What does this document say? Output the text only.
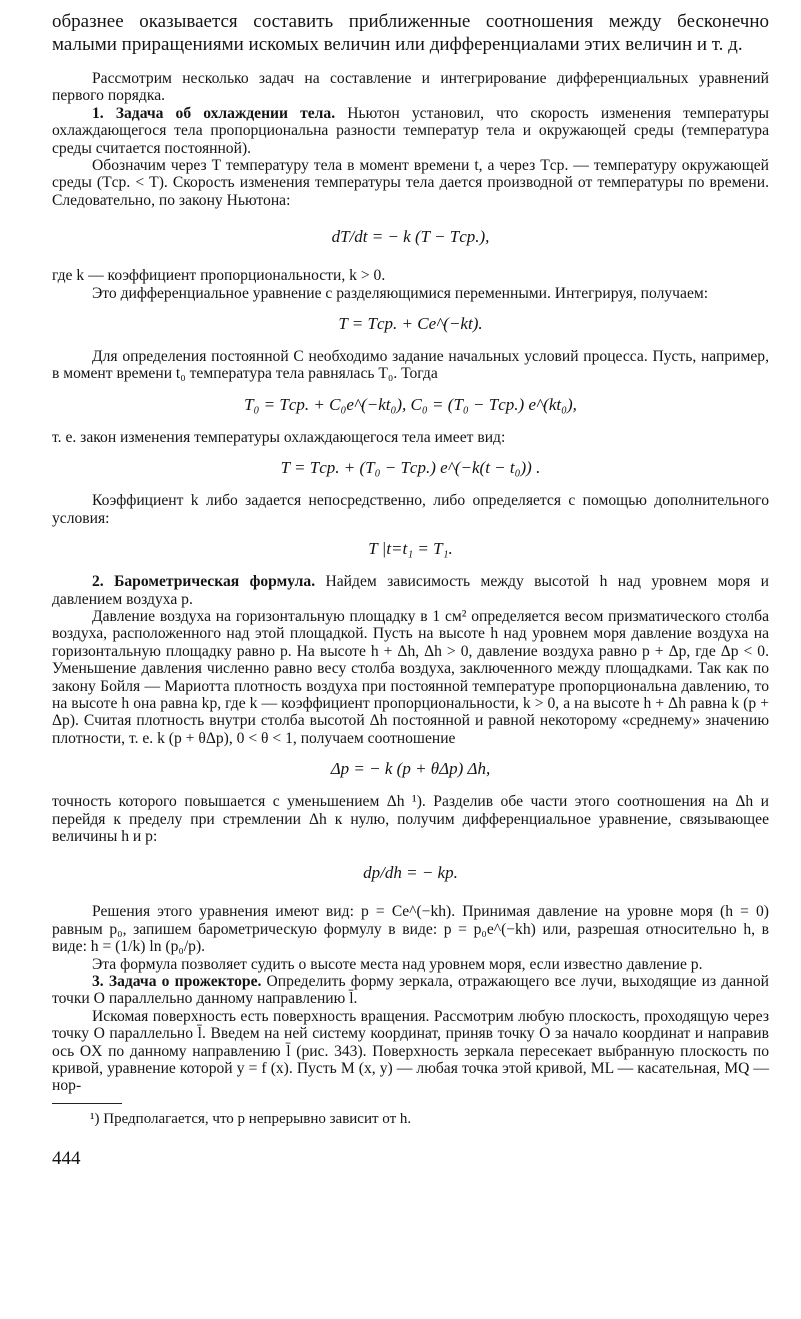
образнее оказывается составить приближенные соотношения между бесконечно малыми приращениями искомых величин или дифференциалами этих величин и т. д.

Рассмотрим несколько задач на составление и интегрирование дифференциальных уравнений первого порядка.

1. Задача об охлаждении тела. Ньютон установил, что скорость изменения температуры охлаждающегося тела пропорциональна разности температур тела и окружающей среды (температура среды считается постоянной).

Обозначим через T температуру тела в момент времени t, а через Tср. — температуру окружающей среды (Tср. < T). Скорость изменения температуры тела дается производной от температуры по времени. Следовательно, по закону Ньютона:

dT/dt = − k (T − Tср.),

где k — коэффициент пропорциональности, k > 0.

Это дифференциальное уравнение с разделяющимися переменными. Интегрируя, получаем:

T = Tср. + Ce^(−kt).

Для определения постоянной C необходимо задание начальных условий процесса. Пусть, например, в момент времени t₀ температура тела равнялась T₀. Тогда

T₀ = Tср. + C₀e^(−kt₀), C₀ = (T₀ − Tср.) e^(kt₀),

т. е. закон изменения температуры охлаждающегося тела имеет вид:

T = Tср. + (T₀ − Tср.) e^(−k(t − t₀)) .

Коэффициент k либо задается непосредственно, либо определяется с помощью дополнительного условия:

T |t=t₁ = T₁.

2. Барометрическая формула. Найдем зависимость между высотой h над уровнем моря и давлением воздуха p.

Давление воздуха на горизонтальную площадку в 1 см² определяется весом призматического столба воздуха, расположенного над этой площадкой. Пусть на высоте h над уровнем моря давление воздуха на горизонтальную площадку равно p. На высоте h + Δh, Δh > 0, давление воздуха равно p + Δp, где Δp < 0. Уменьшение давления численно равно весу столба воздуха, заключенного между площадками. Так как по закону Бойля — Мариотта плотность воздуха при постоянной температуре пропорциональна давлению, то на высоте h она равна kp, где k — коэффициент пропорциональности, k > 0, а на высоте h + Δh равна k (p + Δp). Считая плотность внутри столба высотой Δh постоянной и равной некоторому «среднему» значению плотности, т. е. k (p + θΔp), 0 < θ < 1, получаем соотношение

Δp = − k (p + θΔp) Δh,

точность которого повышается с уменьшением Δh ¹). Разделив обе части этого соотношения на Δh и перейдя к пределу при стремлении Δh к нулю, получим дифференциальное уравнение, связывающее величины h и p:

dp/dh = − kp.

Решения этого уравнения имеют вид: p = Ce^(−kh). Принимая давление на уровне моря (h = 0) равным p₀, запишем барометрическую формулу в виде: p = p₀e^(−kh) или, разрешая относительно h, в виде: h = (1/k) ln (p₀/p).

Эта формула позволяет судить о высоте места над уровнем моря, если известно давление p.

3. Задача о прожекторе. Определить форму зеркала, отражающего все лучи, выходящие из данной точки O параллельно данному направлению l̄.

Искомая поверхность есть поверхность вращения. Рассмотрим любую плоскость, проходящую через точку O параллельно l̄. Введем на ней систему координат, приняв точку O за начало координат и направив ось OX по данному направлению l̄ (рис. 343). Поверхность зеркала пересекает выбранную плоскость по кривой, уравнение которой y = f (x). Пусть M (x, y) — любая точка этой кривой, ML — касательная, MQ — нор-

¹) Предполагается, что p непрерывно зависит от h.

444
